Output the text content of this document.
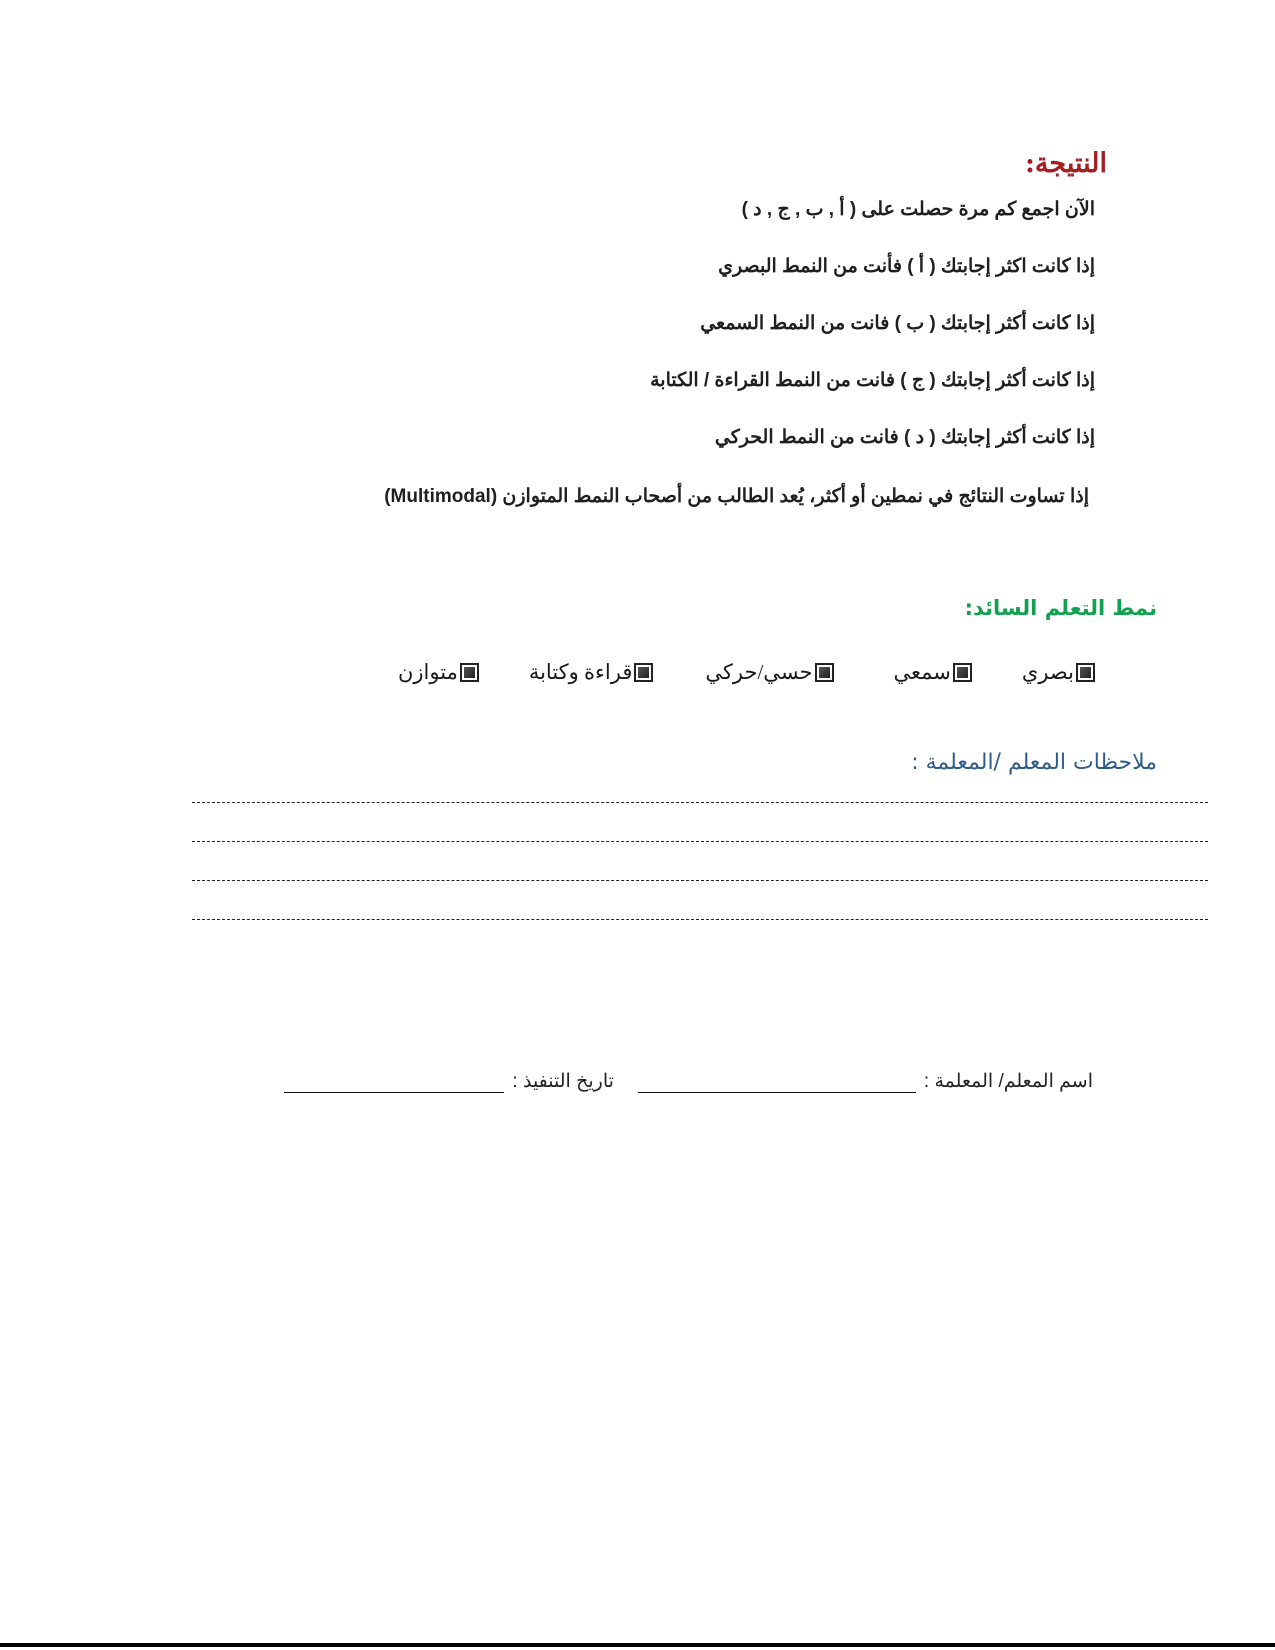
النتيجة:
الآن اجمع كم مرة حصلت على ( أ , ب , ج , د )
إذا كانت اكثر إجابتك ( أ ) فأنت من النمط البصري
إذا كانت أكثر إجابتك ( ب ) فانت من النمط السمعي
إذا كانت أكثر إجابتك ( ج ) فانت من النمط القراءة / الكتابة
إذا كانت أكثر إجابتك ( د ) فانت من النمط الحركي
إذا تساوت النتائج في نمطين أو أكثر، يُعد الطالب من أصحاب النمط المتوازن (Multimodal)
نمط التعلم السائد:
بصري
سمعي
حسي/حركي
قراءة وكتابة
متوازن
ملاحظات المعلم /المعلمة :
اسم المعلم/ المعلمة :
تاريخ التنفيذ :
